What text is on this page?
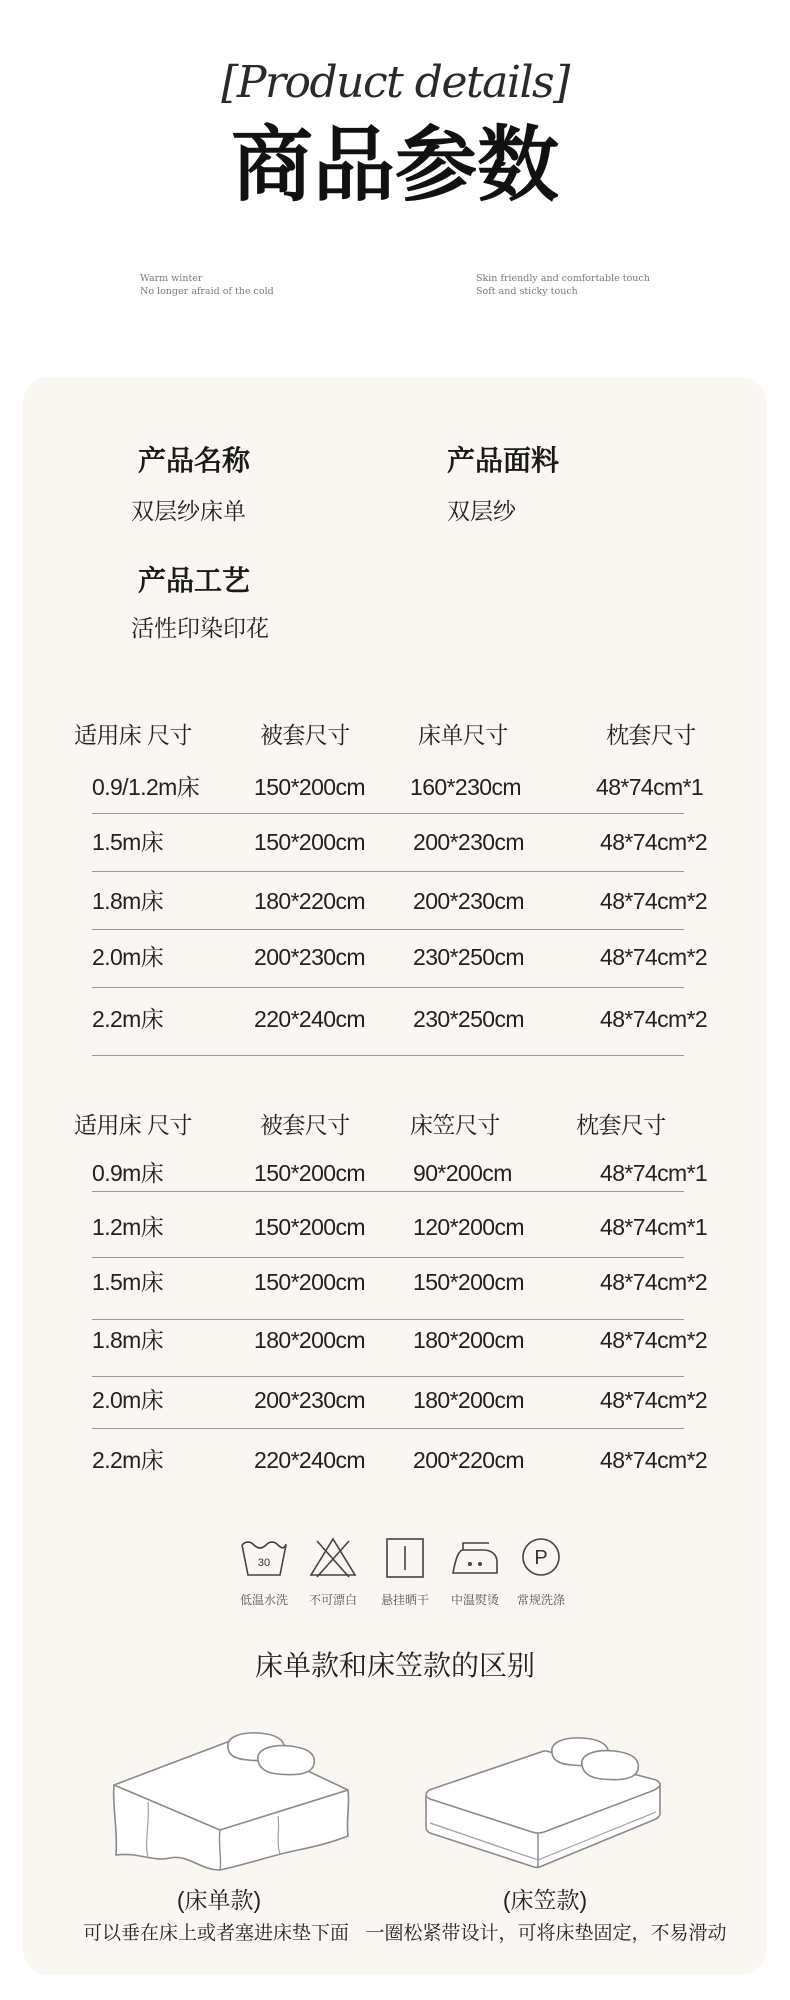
[Product details]
商品参数
Warm winter
No longer afraid of the cold
Skin friendly and comfortable touch
Soft and sticky touch
产品名称
双层纱床单
产品面料
双层纱
产品工艺
活性印染印花
适用床 尺寸	被套尺寸	床单尺寸	枕套尺寸
0.9/1.2m床 150*200cm 160*230cm	48*74cm*1
1.5m床	150*200cm 200*230cm	48*74cm*2
1.8m床	180*220cm 200*230cm	48*74cm*2
2.0m床	200*230cm 230*250cm	48*74cm*2
2.2m床	220*240cm 230*250cm	48*74cm*2
适用床 尺寸	被套尺寸	床笠尺寸	枕套尺寸
0.9m床	150*200cm 90*200cm	48*74cm*1
1.2m床	150*200cm 120*200cm	48*74cm*1
1.5m床	150*200cm 150*200cm	48*74cm*2
1.8m床	180*200cm 180*200cm	48*74cm*2
2.0m床	200*230cm 180*200cm	48*74cm*2
2.2m床	220*240cm 200*220cm	48*74cm*2
30
低温水洗	不可漂白	悬挂晒干	中温熨烫
P
常规洗涤
床单款和床笠款的区别
(床单款)	(床笠款)
可以垂在床上或者塞进床垫下面 一圈松紧带设计，可将床垫固定，不易滑动
